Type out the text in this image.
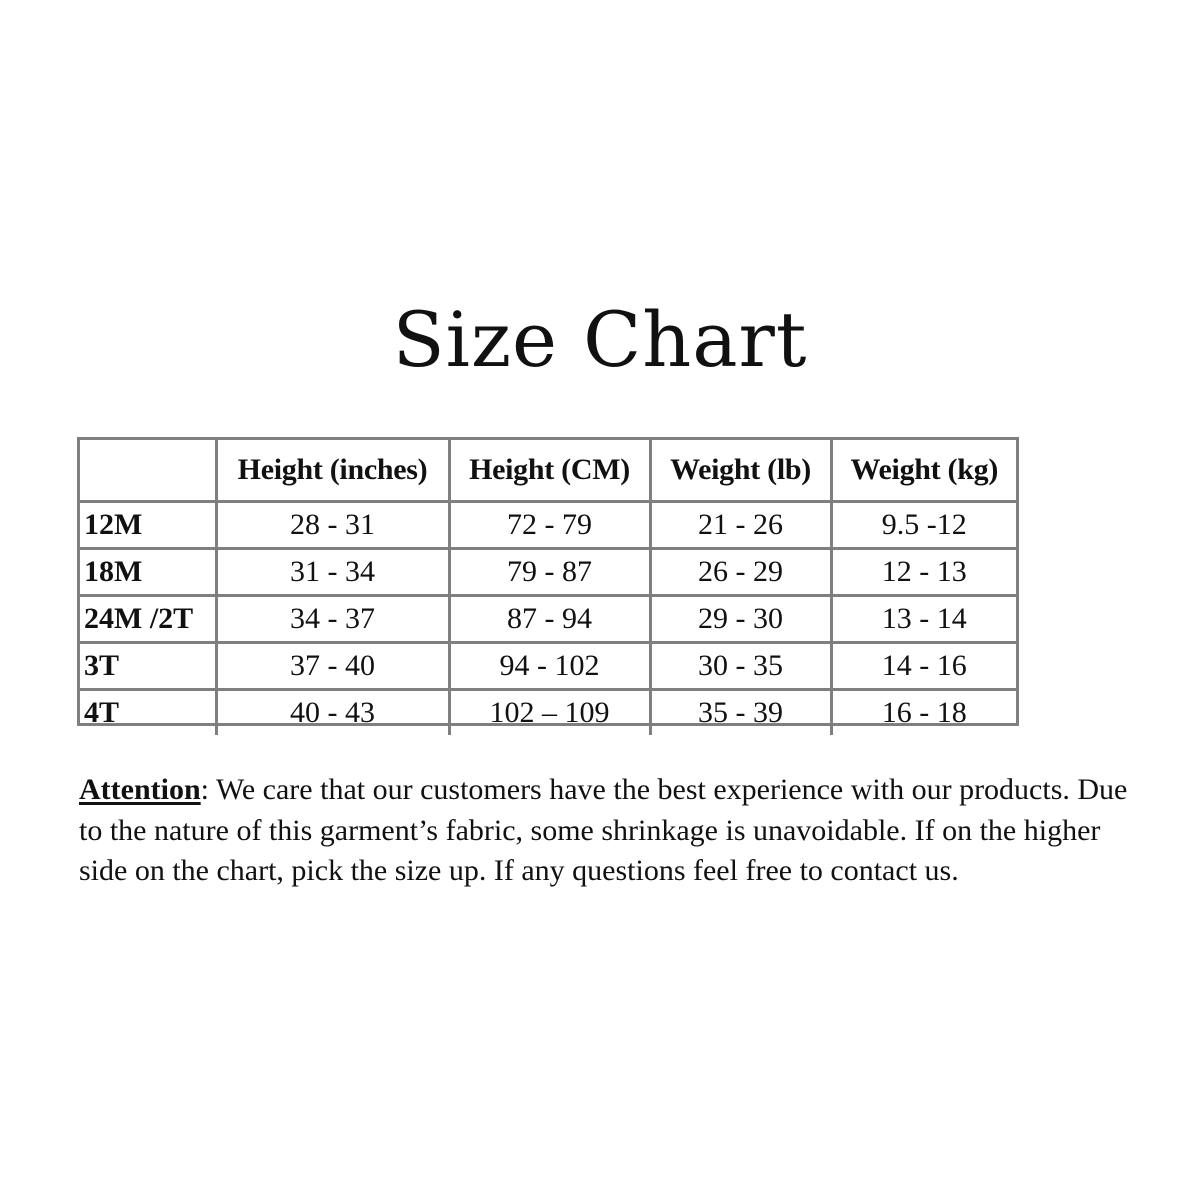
Size Chart
	Height (inches)	Height (CM)	Weight (lb)	Weight (kg)
12M	28 - 31	72 - 79	21 - 26	9.5 -12
18M	31 - 34	79 - 87	26 - 29	12 - 13
24M /2T	34 - 37	87 - 94	29 - 30	13 - 14
3T	37 - 40	94 - 102	30 - 35	14 - 16
4T	40 - 43	102 – 109	35 - 39	16 - 18

Attention: We care that our customers have the best experience with our products. Due to the nature of this garment’s fabric, some shrinkage is unavoidable. If on the higher side on the chart, pick the size up. If any questions feel free to contact us.
